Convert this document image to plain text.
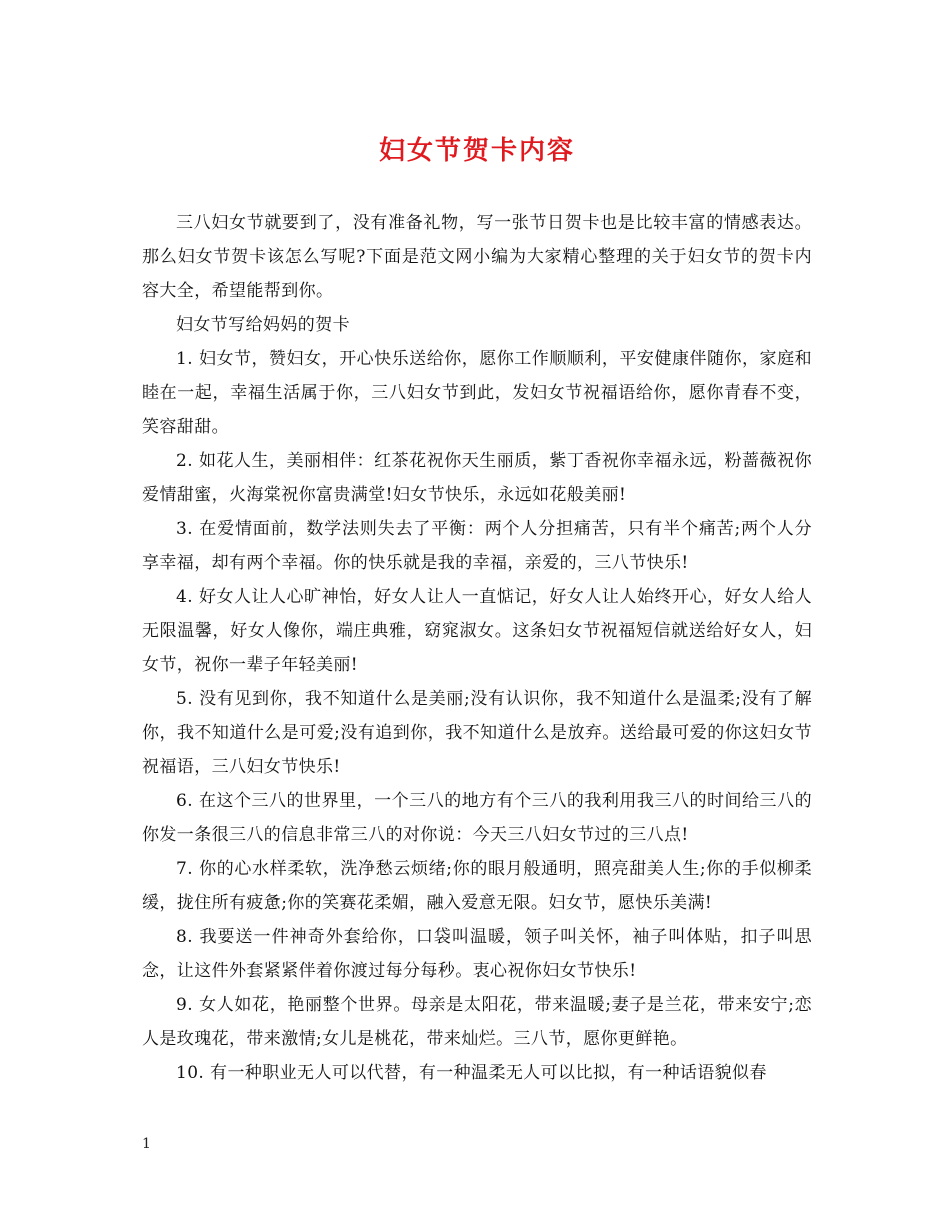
妇女节贺卡内容

三八妇女节就要到了，没有准备礼物，写一张节日贺卡也是比较丰富的情感表达。那么妇女节贺卡该怎么写呢?下面是范文网小编为大家精心整理的关于妇女节的贺卡内容大全，希望能帮到你。

妇女节写给妈妈的贺卡

1. 妇女节，赞妇女，开心快乐送给你，愿你工作顺顺利，平安健康伴随你，家庭和睦在一起，幸福生活属于你，三八妇女节到此，发妇女节祝福语给你，愿你青春不变，笑容甜甜。

2. 如花人生，美丽相伴：红茶花祝你天生丽质，紫丁香祝你幸福永远，粉蔷薇祝你爱情甜蜜，火海棠祝你富贵满堂!妇女节快乐，永远如花般美丽!

3. 在爱情面前，数学法则失去了平衡：两个人分担痛苦，只有半个痛苦;两个人分享幸福，却有两个幸福。你的快乐就是我的幸福，亲爱的，三八节快乐!

4. 好女人让人心旷神怡，好女人让人一直惦记，好女人让人始终开心，好女人给人无限温馨，好女人像你，端庄典雅，窈窕淑女。这条妇女节祝福短信就送给好女人，妇女节，祝你一辈子年轻美丽!

5. 没有见到你，我不知道什么是美丽;没有认识你，我不知道什么是温柔;没有了解你，我不知道什么是可爱;没有追到你，我不知道什么是放弃。送给最可爱的你这妇女节祝福语，三八妇女节快乐!

6. 在这个三八的世界里，一个三八的地方有个三八的我利用我三八的时间给三八的你发一条很三八的信息非常三八的对你说：今天三八妇女节过的三八点!

7. 你的心水样柔软，洗净愁云烦绪;你的眼月般通明，照亮甜美人生;你的手似柳柔缓，拢住所有疲惫;你的笑赛花柔媚，融入爱意无限。妇女节，愿快乐美满!

8. 我要送一件神奇外套给你，口袋叫温暖，领子叫关怀，袖子叫体贴，扣子叫思念，让这件外套紧紧伴着你渡过每分每秒。衷心祝你妇女节快乐!

9. 女人如花，艳丽整个世界。母亲是太阳花，带来温暖;妻子是兰花，带来安宁;恋人是玫瑰花，带来激情;女儿是桃花，带来灿烂。三八节，愿你更鲜艳。

10. 有一种职业无人可以代替，有一种温柔无人可以比拟，有一种话语貌似春

1
